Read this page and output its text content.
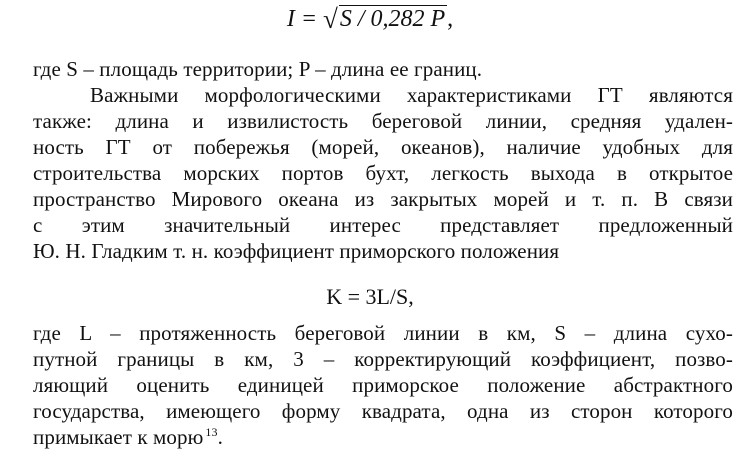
I = √S / 0,282 P,
где S – площадь территории; P – длина ее границ.
Важными морфологическими характеристиками ГТ являются
также: длина и извилистость береговой линии, средняя удален-
ность ГТ от побережья (морей, океанов), наличие удобных для
строительства морских портов бухт, легкость выхода в открытое
пространство Мирового океана из закрытых морей и т. п. В связи
с этим значительный интерес представляет предложенный
Ю. Н. Гладким т. н. коэффициент приморского положения
K = 3L/S,
где L – протяженность береговой линии в км, S – длина сухо-
путной границы в км, 3 – корректирующий коэффициент, позво-
ляющий оценить единицей приморское положение абстрактного
государства, имеющего форму квадрата, одна из сторон которого
примыкает к морю $^{13}$.
